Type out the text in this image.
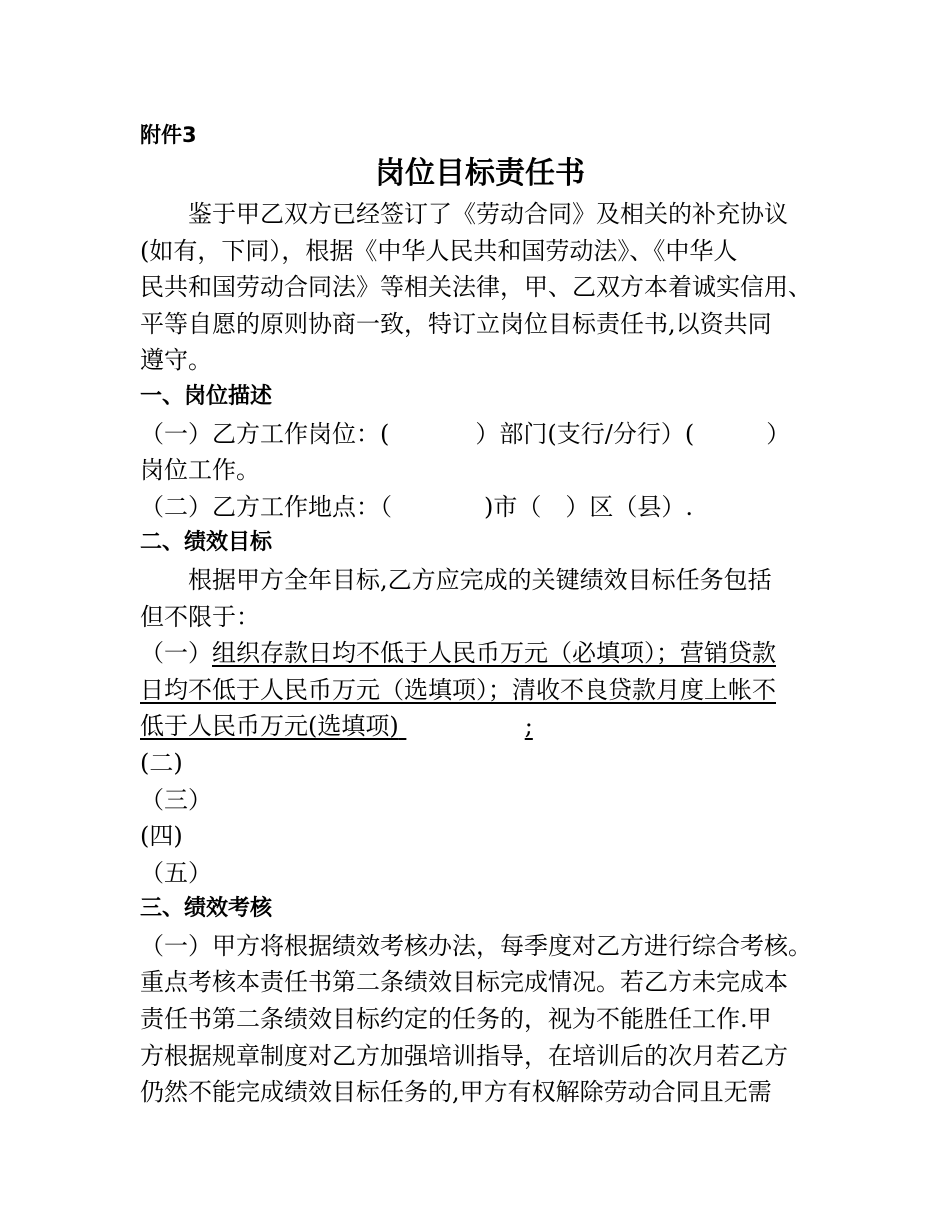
附件3
岗位目标责任书
鉴于甲乙双方已经签订了《劳动合同》及相关的补充协议
(如有，下同），根据《中华人民共和国劳动法》、《中华人
民共和国劳动合同法》等相关法律，甲、乙双方本着诚实信用、
平等自愿的原则协商一致，特订立岗位目标责任书,以资共同
遵守。
一、岗位描述
（一）乙方工作岗位：(	）部门(支行/分行）(	）
岗位工作。
（二）乙方工作地点：（	)市（ ）区（县）.
二、绩效目标
根据甲方全年目标,乙方应完成的关键绩效目标任务包括
但不限于：
（一）组织存款日均不低于人民币万元（必填项）；营销贷款
日均不低于人民币万元（选填项）；清收不良贷款月度上帐不
低于人民币万元(选填项)	;
(二)
（三）
(四)
（五）
三、绩效考核
（一）甲方将根据绩效考核办法，每季度对乙方进行综合考核。
重点考核本责任书第二条绩效目标完成情况。若乙方未完成本
责任书第二条绩效目标约定的任务的，视为不能胜任工作.甲
方根据规章制度对乙方加强培训指导，在培训后的次月若乙方
仍然不能完成绩效目标任务的,甲方有权解除劳动合同且无需
